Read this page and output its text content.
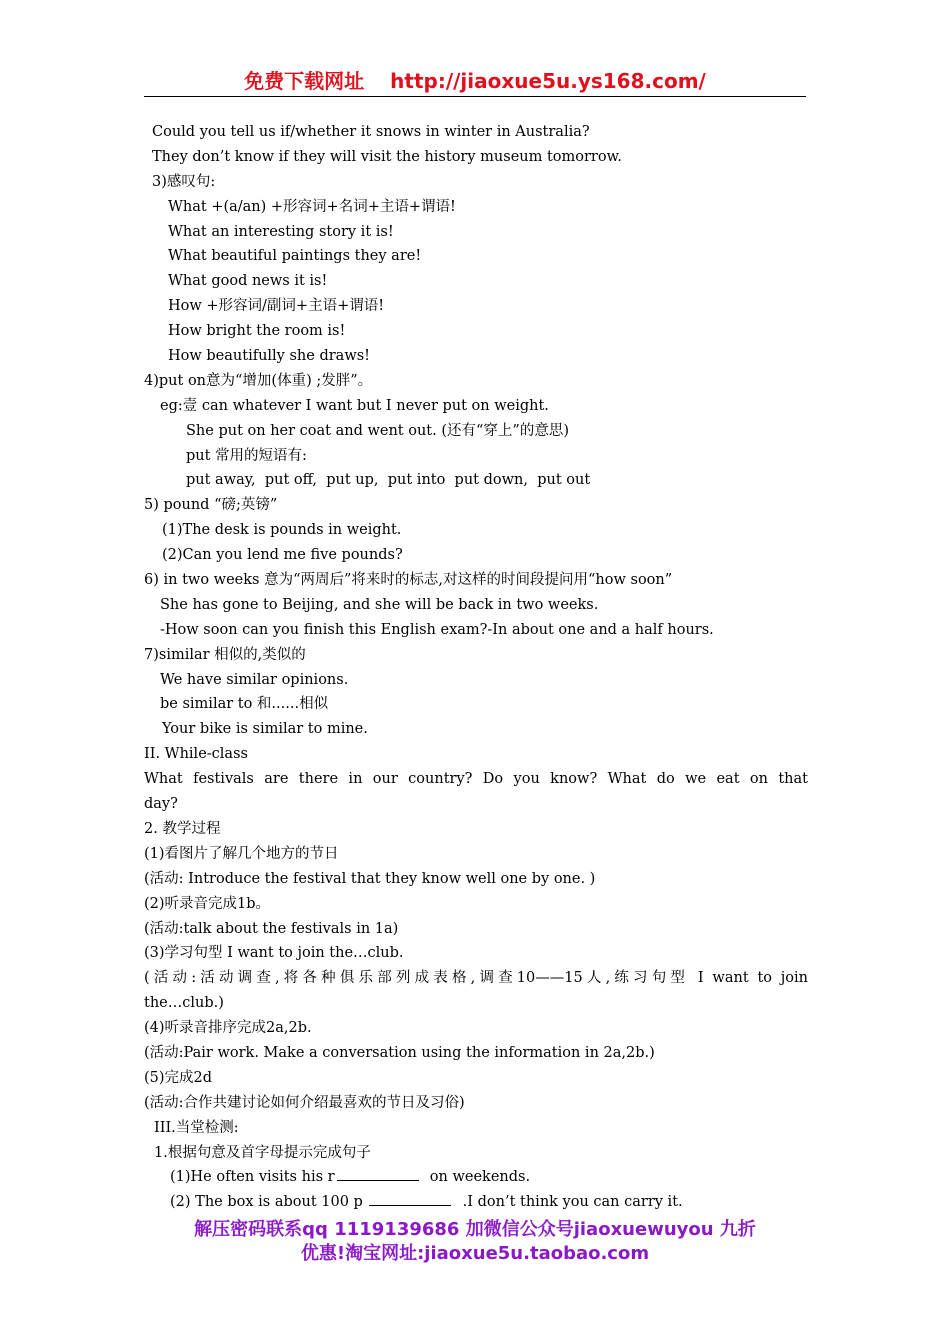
免费下载网址 http://jiaoxue5u.ys168.com/
Could you tell us if/whether it snows in winter in Australia?
They don’t know if they will visit the history museum tomorrow.
3)感叹句:
What +(a/an) +形容词+名词+主语+谓语!
What an interesting story it is!
What beautiful paintings they are!
What good news it is!
How +形容词/副词+主语+谓语!
How bright the room is!
How beautifully she draws!
4)put on意为“增加(体重) ;发胖”。
eg:壹 can whatever I want but I never put on weight.
She put on her coat and went out. (还有“穿上”的意思)
put 常用的短语有:
put away,  put off,  put up,  put into  put down,  put out
5) pound “磅;英镑”
(1)The desk is pounds in weight.
(2)Can you lend me five pounds?
6) in two weeks 意为“两周后”将来时的标志,对这样的时间段提问用“how soon”
She has gone to Beijing, and she will be back in two weeks.
-How soon can you finish this English exam?-In about one and a half hours.
7)similar 相似的,类似的
We have similar opinions.
be similar to 和......相似
Your bike is similar to mine.
II. While-class
What festivals are there in our country? Do you know? What do we eat on that
day?
2. 教学过程
(1)看图片了解几个地方的节日
(活动: Introduce the festival that they know well one by one. )
(2)听录音完成1b。
(活动:talk about the festivals in 1a)
(3)学习句型 I want to join the…club.
(活动:活动调查,将各种俱乐部列成表格,调查10——15人,练习句型 I want to join
the…club.)
(4)听录音排序完成2a,2b.
(活动:Pair work. Make a conversation using the information in 2a,2b.)
(5)完成2d
(活动:合作共建讨论如何介绍最喜欢的节日及习俗)
III.当堂检测:
1.根据句意及首字母提示完成句子
(1)He often visits his r	on weekends.
(2) The box is about 100 p	.I don’t think you can carry it.
解压密码联系qq 1119139686 加微信公众号jiaoxuewuyou 九折
优惠!淘宝网址:jiaoxue5u.taobao.com
